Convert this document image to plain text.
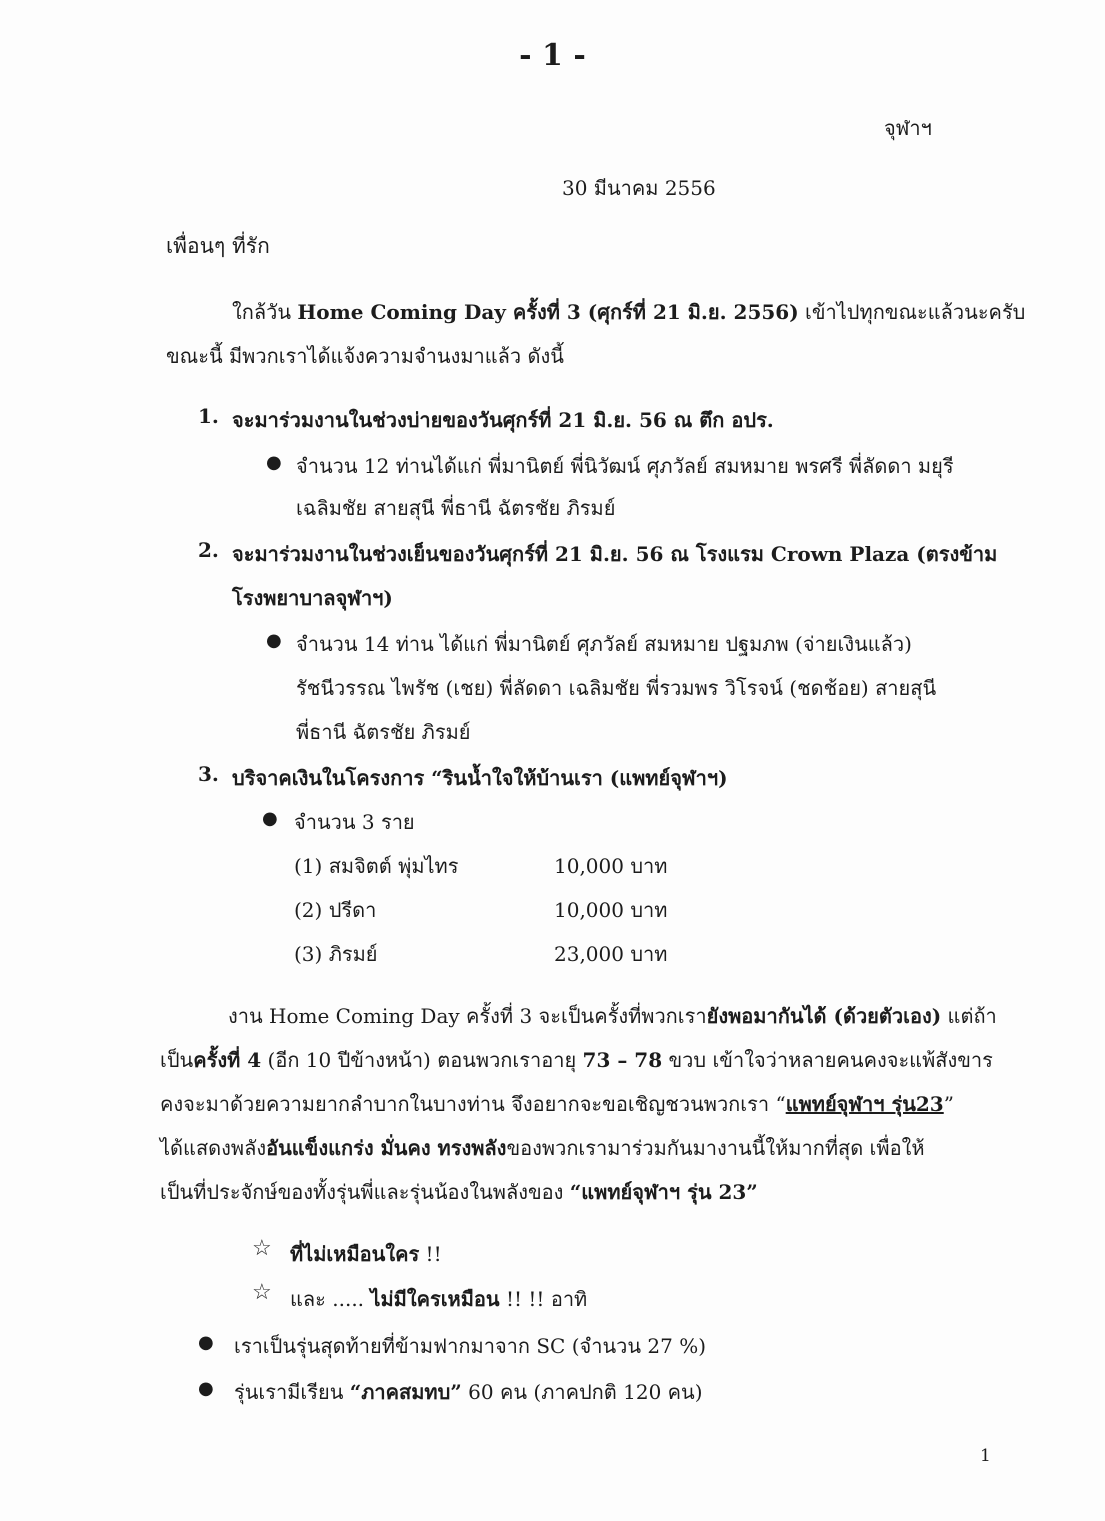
- 1 -
จุฬาฯ
30 มีนาคม 2556
เพื่อนๆ ที่รัก
ใกล้วัน Home Coming Day ครั้งที่ 3 (ศุกร์ที่ 21 มิ.ย. 2556) เข้าไปทุกขณะแล้วนะครับ
ขณะนี้ มีพวกเราได้แจ้งความจำนงมาแล้ว ดังนี้
1. จะมาร่วมงานในช่วงบ่ายของวันศุกร์ที่ 21 มิ.ย. 56 ณ ตึก อปร.
● จำนวน 12 ท่านได้แก่ พี่มานิตย์ พี่นิวัฒน์ ศุภวัลย์ สมหมาย พรศรี พี่ลัดดา มยุรี
เฉลิมชัย สายสุนี พี่ธานี ฉัตรชัย ภิรมย์
2. จะมาร่วมงานในช่วงเย็นของวันศุกร์ที่ 21 มิ.ย. 56 ณ โรงแรม Crown Plaza (ตรงข้าม
โรงพยาบาลจุฬาฯ)
● จำนวน 14 ท่าน ได้แก่ พี่มานิตย์ ศุภวัลย์ สมหมาย ปฐมภพ (จ่ายเงินแล้ว)
รัชนีวรรณ ไพรัช (เชย) พี่ลัดดา เฉลิมชัย พี่รวมพร วิโรจน์ (ชดช้อย) สายสุนี
พี่ธานี ฉัตรชัย ภิรมย์
3. บริจาคเงินในโครงการ “รินน้ำใจให้บ้านเรา (แพทย์จุฬาฯ)
● จำนวน 3 ราย
(1) สมจิตต์ พุ่มไทร	10,000 บาท
(2) ปรีดา	10,000 บาท
(3) ภิรมย์	23,000 บาท
งาน Home Coming Day ครั้งที่ 3 จะเป็นครั้งที่พวกเรายังพอมากันได้ (ด้วยตัวเอง) แต่ถ้า
เป็นครั้งที่ 4 (อีก 10 ปีข้างหน้า) ตอนพวกเราอายุ 73 – 78 ขวบ เข้าใจว่าหลายคนคงจะแพ้สังขาร
คงจะมาด้วยความยากลำบากในบางท่าน จึงอยากจะขอเชิญชวนพวกเรา “แพทย์จุฬาฯ รุ่น23”
ได้แสดงพลังอันแข็งแกร่ง มั่นคง ทรงพลังของพวกเรามาร่วมกันมางานนี้ให้มากที่สุด เพื่อให้
เป็นที่ประจักษ์ของทั้งรุ่นพี่และรุ่นน้องในพลังของ “แพทย์จุฬาฯ รุ่น 23”
☆ ที่ไม่เหมือนใคร !!
☆ และ ..... ไม่มีใครเหมือน !! !! อาทิ
● เราเป็นรุ่นสุดท้ายที่ข้ามฟากมาจาก SC (จำนวน 27 %)
● รุ่นเรามีเรียน “ภาคสมทบ” 60 คน (ภาคปกติ 120 คน)
1
